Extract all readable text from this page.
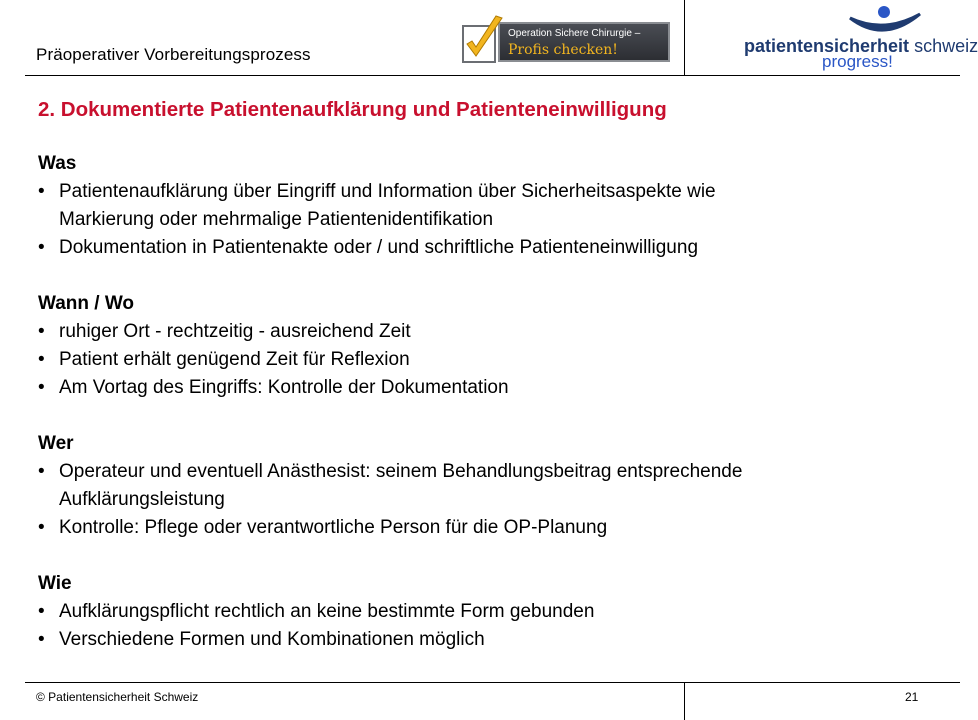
Präoperativer Vorbereitungsprozess
Operation Sichere Chirurgie –
Profis checken!	patientensicherheit schweiz
progress!
2. Dokumentierte Patientenaufklärung und Patienteneinwilligung
Was
• Patientenaufklärung über Eingriff und Information über Sicherheitsaspekte wie
Markierung oder mehrmalige Patientenidentifikation
• Dokumentation in Patientenakte oder / und schriftliche Patienteneinwilligung
Wann / Wo
• ruhiger Ort - rechtzeitig - ausreichend Zeit
• Patient erhält genügend Zeit für Reflexion
• Am Vortag des Eingriffs: Kontrolle der Dokumentation
Wer
• Operateur und eventuell Anästhesist: seinem Behandlungsbeitrag entsprechende
Aufklärungsleistung
• Kontrolle: Pflege oder verantwortliche Person für die OP-Planung
Wie
• Aufklärungspflicht rechtlich an keine bestimmte Form gebunden
• Verschiedene Formen und Kombinationen möglich
© Patientensicherheit Schweiz	21
